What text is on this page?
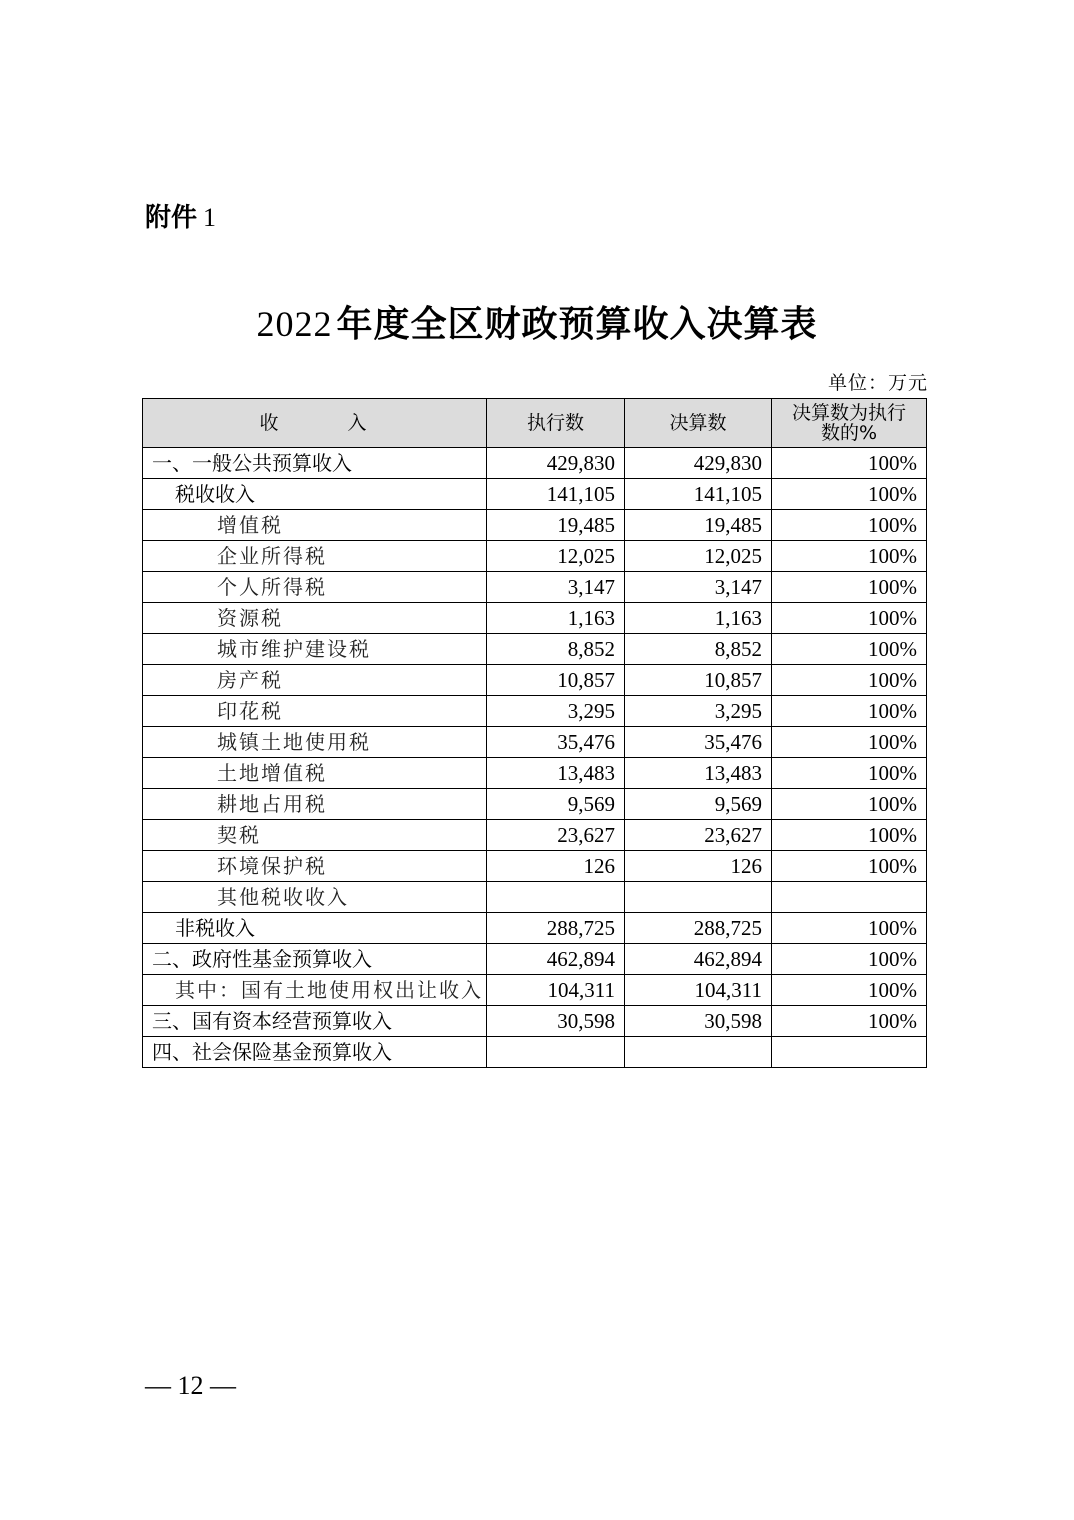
附件 1
2022 年度全区财政预算收入决算表
单位：万元
收　　　入	执行数	决算数	决算数为执行数的%
一、一般公共预算收入	429,830	429,830	100%
税收收入	141,105	141,105	100%
增值税	19,485	19,485	100%
企业所得税	12,025	12,025	100%
个人所得税	3,147	3,147	100%
资源税	1,163	1,163	100%
城市维护建设税	8,852	8,852	100%
房产税	10,857	10,857	100%
印花税	3,295	3,295	100%
城镇土地使用税	35,476	35,476	100%
土地增值税	13,483	13,483	100%
耕地占用税	9,569	9,569	100%
契税	23,627	23,627	100%
环境保护税	126	126	100%
其他税收收入			
非税收入	288,725	288,725	100%
二、政府性基金预算收入	462,894	462,894	100%
其中：国有土地使用权出让收入	104,311	104,311	100%
三、国有资本经营预算收入	30,598	30,598	100%
四、社会保险基金预算收入			
— 12 —
